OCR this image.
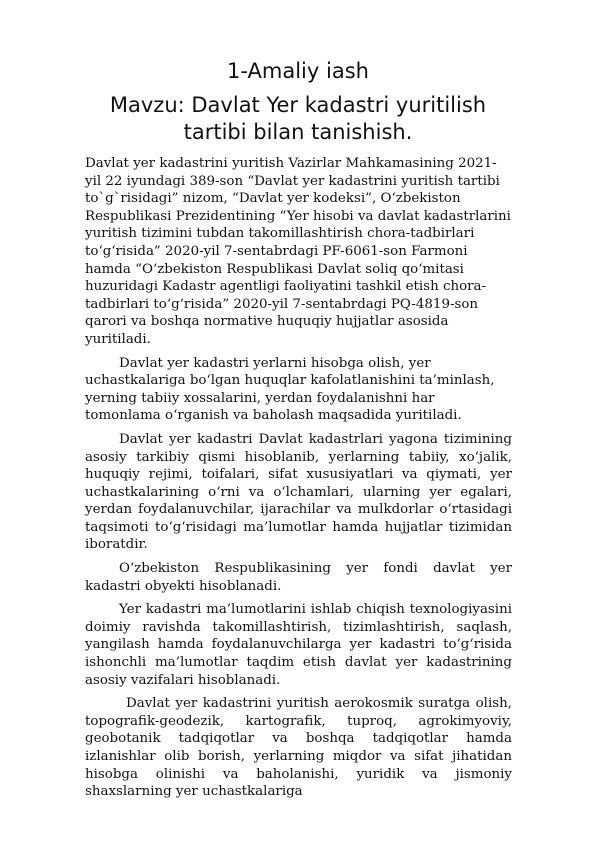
1-Amaliy iash
Mavzu: Davlat Yer kadastri yuritilish tartibi bilan tanishish.

Davlat yer kadastrini yuritish Vazirlar Mahkamasining 2021-yil 22 iyundagi 389-son “Davlat yer kadastrini yuritish tartibi to`g`risidagi” nizom, “Davlat yer kodeksi”, O‘zbekiston Respublikasi Prezidentining “Yer hisobi va davlat kadastrlarini yuritish tizimini tubdan takomillashtirish chora-tadbirlari to‘g‘risida” 2020-yil 7-sentabrdagi PF-6061-son Farmoni hamda “O‘zbekiston Respublikasi Davlat soliq qo‘mitasi huzuridagi Kadastr agentligi faoliyatini tashkil etish chora-tadbirlari to‘g‘risida” 2020-yil 7-sentabrdagi PQ-4819-son qarori va boshqa normative huquqiy hujjatlar asosida yuritiladi.

Davlat yer kadastri yerlarni hisobga olish, yer uchastkalariga bo‘lgan huquqlar kafolatlanishini ta’minlash, yerning tabiiy xossalarini, yerdan foydalanishni har tomonlama o‘rganish va baholash maqsadida yuritiladi.

Davlat yer kadastri Davlat kadastrlari yagona tizimining asosiy tarkibiy qismi hisoblanib, yerlarning tabiiy, xo‘jalik, huquqiy rejimi, toifalari, sifat xususiyatlari va qiymati, yer uchastkalarining o‘rni va o‘lchamlari, ularning yer egalari, yerdan foydalanuvchilar, ijarachilar va mulkdorlar o‘rtasidagi taqsimoti to‘g‘risidagi ma’lumotlar hamda hujjatlar tizimidan iboratdir.

O‘zbekiston Respublikasining yer fondi davlat yer kadastri obyekti hisoblanadi.

Yer kadastri ma’lumotlarini ishlab chiqish texnologiyasini doimiy ravishda takomillashtirish, tizimlashtirish, saqlash, yangilash hamda foydalanuvchilarga yer kadastri to‘g‘risida ishonchli ma’lumotlar taqdim etish davlat yer kadastrining asosiy vazifalari hisoblanadi.

Davlat yer kadastrini yuritish aerokosmik suratga olish, topografik-geodezik, kartografik, tuproq, agrokimyoviy, geobotanik tadqiqotlar va boshqa tadqiqotlar hamda izlanishlar olib borish, yerlarning miqdor va sifat jihatidan hisobga olinishi va baholanishi, yuridik va jismoniy shaxslarning yer uchastkalariga
